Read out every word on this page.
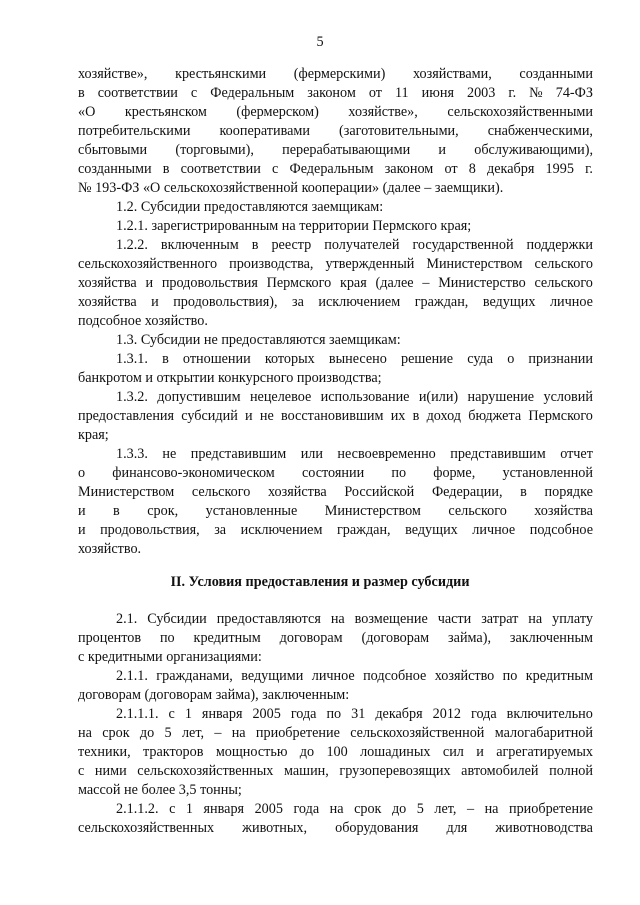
5
хозяйстве», крестьянскими (фермерскими) хозяйствами, созданными
в соответствии с Федеральным законом от 11 июня 2003 г. № 74-ФЗ
«О крестьянском (фермерском) хозяйстве», сельскохозяйственными
потребительскими кооперативами (заготовительными, снабженческими,
сбытовыми (торговыми), перерабатывающими и обслуживающими),
созданными в соответствии с Федеральным законом от 8 декабря 1995 г.
№ 193-ФЗ «О сельскохозяйственной кооперации» (далее – заемщики).
1.2. Субсидии предоставляются заемщикам:
1.2.1. зарегистрированным на территории Пермского края;
1.2.2. включенным в реестр получателей государственной поддержки
сельскохозяйственного производства, утвержденный Министерством сельского
хозяйства и продовольствия Пермского края (далее – Министерство сельского
хозяйства и продовольствия), за исключением граждан, ведущих личное
подсобное хозяйство.
1.3. Субсидии не предоставляются заемщикам:
1.3.1. в отношении которых вынесено решение суда о признании
банкротом и открытии конкурсного производства;
1.3.2. допустившим нецелевое использование и(или) нарушение условий
предоставления субсидий и не восстановившим их в доход бюджета Пермского
края;
1.3.3. не представившим или несвоевременно представившим отчет
о финансово-экономическом состоянии по форме, установленной
Министерством сельского хозяйства Российской Федерации, в порядке
и в срок, установленные Министерством сельского хозяйства
и продовольствия, за исключением граждан, ведущих личное подсобное
хозяйство.
2.1. Субсидии предоставляются на возмещение части затрат на уплату
процентов по кредитным договорам (договорам займа), заключенным
с кредитными организациями:
2.1.1. гражданами, ведущими личное подсобное хозяйство по кредитным
договорам (договорам займа), заключенным:
2.1.1.1. с 1 января 2005 года по 31 декабря 2012 года включительно
на срок до 5 лет, – на приобретение сельскохозяйственной малогабаритной
техники, тракторов мощностью до 100 лошадиных сил и агрегатируемых
с ними сельскохозяйственных машин, грузоперевозящих автомобилей полной
массой не более 3,5 тонны;
2.1.1.2. с 1 января 2005 года на срок до 5 лет, – на приобретение
сельскохозяйственных животных, оборудования для животноводства
II. Условия предоставления и размер субсидии
